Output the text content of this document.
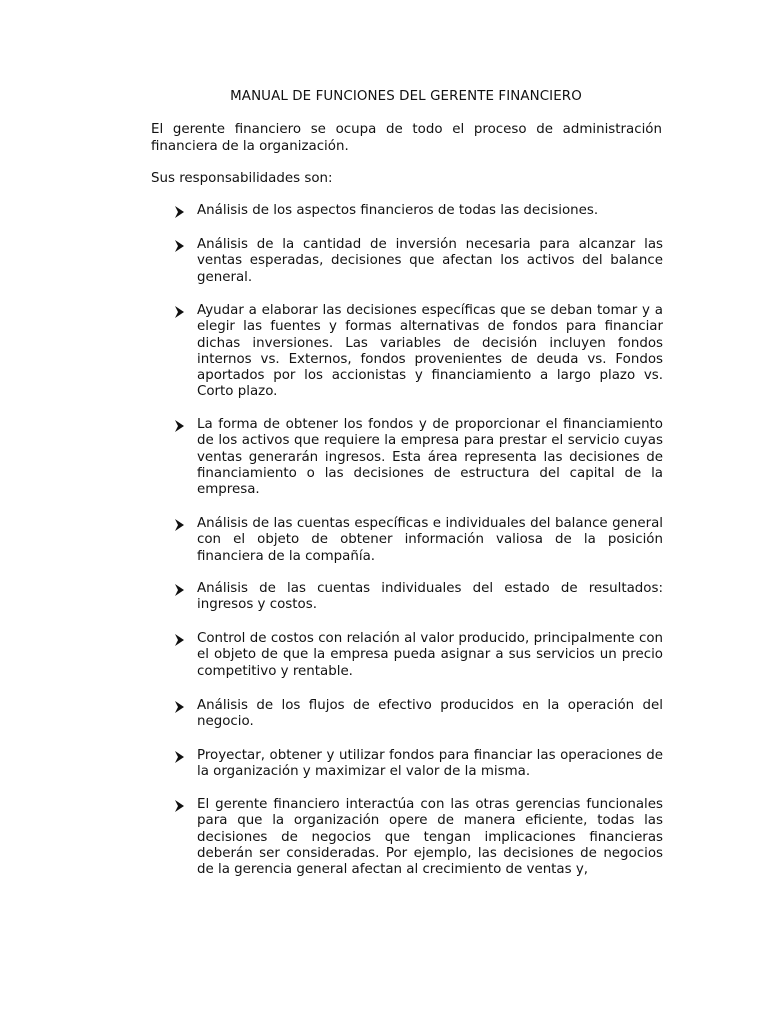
MANUAL DE FUNCIONES DEL GERENTE FINANCIERO

El gerente financiero se ocupa de todo el proceso de administración financiera de la organización.

Sus responsabilidades son:

Análisis de los aspectos financieros de todas las decisiones.

Análisis de la cantidad de inversión necesaria para alcanzar las ventas esperadas, decisiones que afectan los activos del balance general.

Ayudar a elaborar las decisiones específicas que se deban tomar y a elegir las fuentes y formas alternativas de fondos para financiar dichas inversiones. Las variables de decisión incluyen fondos internos vs. Externos, fondos provenientes de deuda vs. Fondos aportados por los accionistas y financiamiento a largo plazo vs. Corto plazo.

La forma de obtener los fondos y de proporcionar el financiamiento de los activos que requiere la empresa para prestar el servicio cuyas ventas generarán ingresos. Esta área representa las decisiones de financiamiento o las decisiones de estructura del capital de la empresa.

Análisis de las cuentas específicas e individuales del balance general con el objeto de obtener información valiosa de la posición financiera de la compañía.

Análisis de las cuentas individuales del estado de resultados: ingresos y costos.

Control de costos con relación al valor producido, principalmente con el objeto de que la empresa pueda asignar a sus servicios un precio competitivo y rentable.

Análisis de los flujos de efectivo producidos en la operación del negocio.

Proyectar, obtener y utilizar fondos para financiar las operaciones de la organización y maximizar el valor de la misma.

El gerente financiero interactúa con las otras gerencias funcionales para que la organización opere de manera eficiente, todas las decisiones de negocios que tengan implicaciones financieras deberán ser consideradas. Por ejemplo, las decisiones de negocios de la gerencia general afectan al crecimiento de ventas y,
